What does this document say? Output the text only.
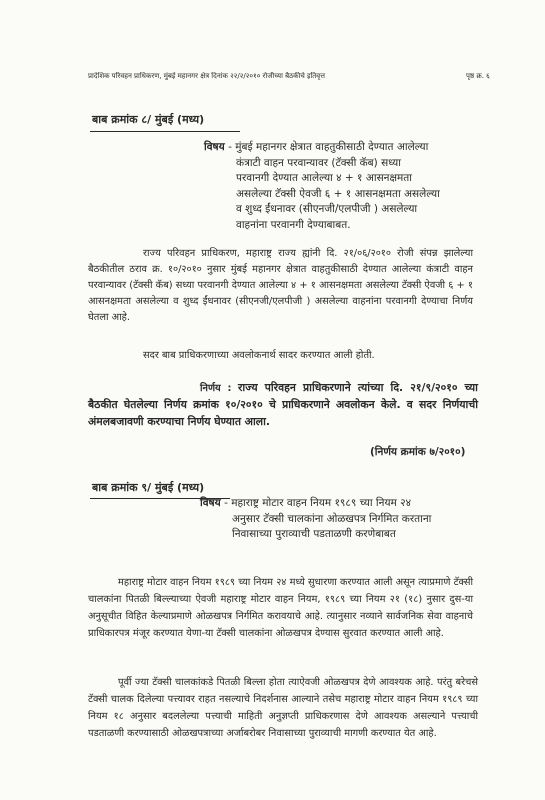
प्रादेशिक परिवहन प्राधिकरण, मुंबई महानगर क्षेत्र दिनांक २२/२/२०१० रोजीच्या बैठकीचे इतिवृत्त	पृष्ठ क्र. ६
बाब क्रमांक ८/ मुंबई (मध्य)
विषय - मुंबई महानगर क्षेत्रात वाहतुकीसाठी देण्यात आलेल्या
कंत्राटी वाहन परवान्यावर (टॅक्सी कॅब) सध्या
परवानगी देण्यात आलेल्या ४ + १ आसनक्षमता
असलेल्या टॅक्सी ऐवजी ६ + १ आसनक्षमता असलेल्या
व शुध्द ईंधनावर (सीएनजी/एलपीजी ) असलेल्या
वाहनांना परवानगी देण्याबाबत.
राज्य परिवहन प्राधिकरण, महाराष्ट्र राज्य ह्यांनी दि. २१/०६/२०१० रोजी संपन्न झालेल्या बैठकीतील ठराव क्र. १०/२०१० नुसार मुंबई महानगर क्षेत्रात वाहतुकीसाठी देण्यात आलेल्या कंत्राटी वाहन परवान्यावर (टॅक्सी कॅब) सध्या परवानगी देण्यात आलेल्या ४ + १ आसनक्षमता असलेल्या टॅक्सी ऐवजी ६ + १ आसनक्षमता असलेल्या व शुध्द ईंधनावर (सीएनजी/एलपीजी ) असलेल्या वाहनांना परवानगी देण्याचा निर्णय घेतला आहे.
सदर बाब प्राधिकरणाच्या अवलोकनार्थ सादर करण्यात आली होती.
निर्णय : राज्य परिवहन प्राधिकरणाने त्यांच्या दि. २१/९/२०१० च्या बैठकीत घेतलेल्या निर्णय क्रमांक १०/२०१० चे प्राधिकरणाने अवलोकन केले. व सदर निर्णयाची अंमलबजावणी करण्याचा निर्णय घेण्यात आला.
(निर्णय क्रमांक ७/२०१०)
बाब क्रमांक ९/ मुंबई (मध्य)
विषय - महाराष्ट्र मोटार वाहन नियम १९८९ च्या नियम २४
अनुसार टॅक्सी चालकांना ओळखपत्र निर्गमित करताना
निवासाच्या पुराव्याची पडताळणी करणेबाबत
महाराष्ट्र मोटार वाहन नियम १९८९ च्या नियम २४ मध्ये सुधारणा करण्यात आली असून त्याप्रमाणे टॅक्सी चालकांना पितळी बिल्ल्याच्या ऐवजी महाराष्ट्र मोटार वाहन नियम, १९८९ च्या नियम २१ (१८) नुसार दुस-या अनुसूचीत विहित केल्याप्रमाणे ओळखपत्र निर्गमित करावयाचे आहे. त्यानुसार नव्याने सार्वजनिक सेवा वाहनाचे प्राधिकारपत्र मंजूर करण्यात येणा-या टॅक्सी चालकांना ओळखपत्र देण्यास सुरवात करण्यात आली आहे.
पूर्वी ज्या टॅक्सी चालकांकडे पितळी बिल्ला होता त्याऐवजी ओळखपत्र देणे आवश्यक आहे. परंतु बरेचसे टॅक्सी चालक दिलेल्या पत्त्यावर राहत नसल्याचे निदर्शनास आल्याने तसेच महाराष्ट्र मोटार वाहन नियम १९८९ च्या नियम १८ अनुसार बदललेल्या पत्त्याची माहिती अनुज्ञप्ती प्राधिकरणास देणे आवश्यक असल्याने पत्त्याची पडताळणी करण्यासाठी ओळखपत्राच्या अर्जाबरोबर निवासाच्या पुराव्याची मागणी करण्यात येत आहे.
